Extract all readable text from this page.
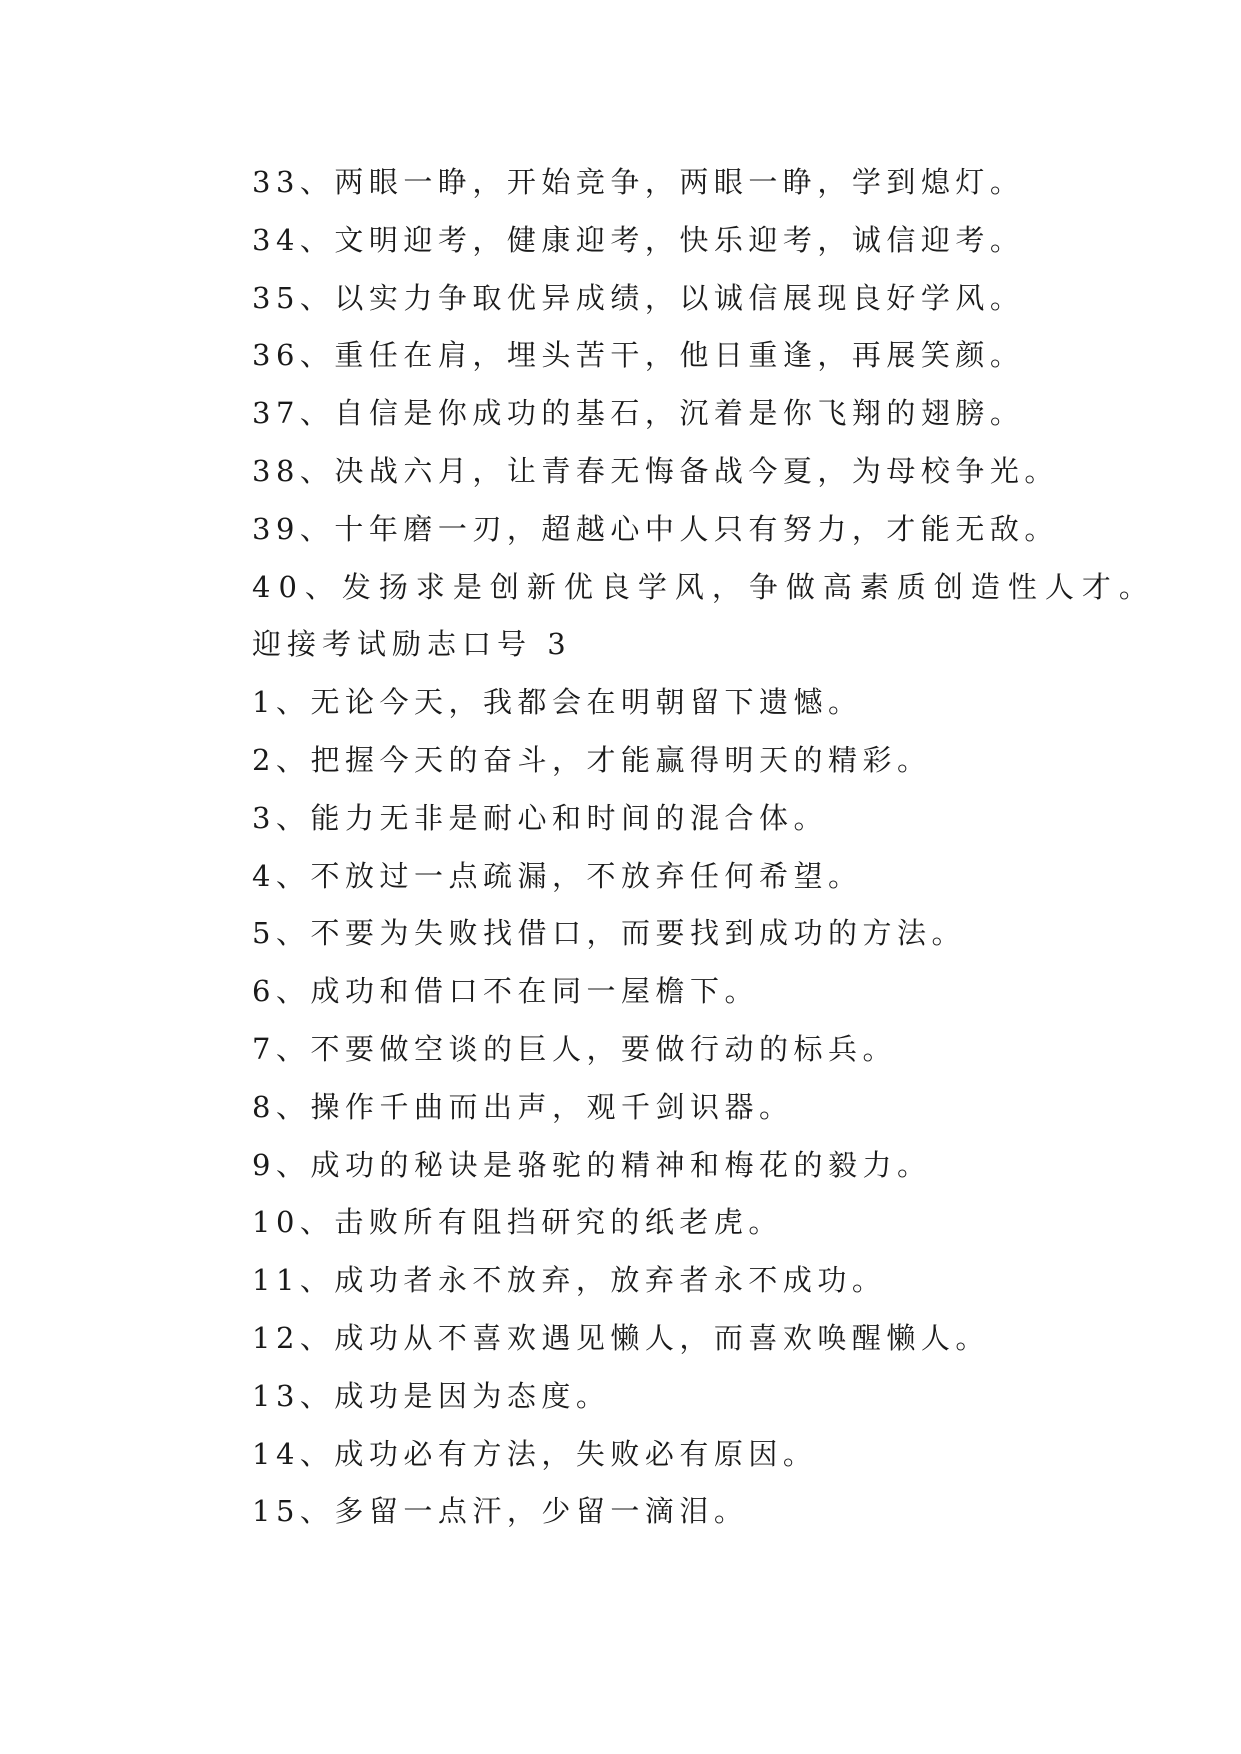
33、两眼一睁，开始竞争，两眼一睁，学到熄灯。
34、文明迎考，健康迎考，快乐迎考，诚信迎考。
35、以实力争取优异成绩，以诚信展现良好学风。
36、重任在肩，埋头苦干，他日重逢，再展笑颜。
37、自信是你成功的基石，沉着是你飞翔的翅膀。
38、决战六月，让青春无悔备战今夏，为母校争光。
39、十年磨一刃，超越心中人只有努力，才能无敌。
40、发扬求是创新优良学风，争做高素质创造性人才。
迎接考试励志口号 3
1、无论今天，我都会在明朝留下遗憾。
2、把握今天的奋斗，才能赢得明天的精彩。
3、能力无非是耐心和时间的混合体。
4、不放过一点疏漏，不放弃任何希望。
5、不要为失败找借口，而要找到成功的方法。
6、成功和借口不在同一屋檐下。
7、不要做空谈的巨人，要做行动的标兵。
8、操作千曲而出声，观千剑识器。
9、成功的秘诀是骆驼的精神和梅花的毅力。
10、击败所有阻挡研究的纸老虎。
11、成功者永不放弃，放弃者永不成功。
12、成功从不喜欢遇见懒人，而喜欢唤醒懒人。
13、成功是因为态度。
14、成功必有方法，失败必有原因。
15、多留一点汗，少留一滴泪。
